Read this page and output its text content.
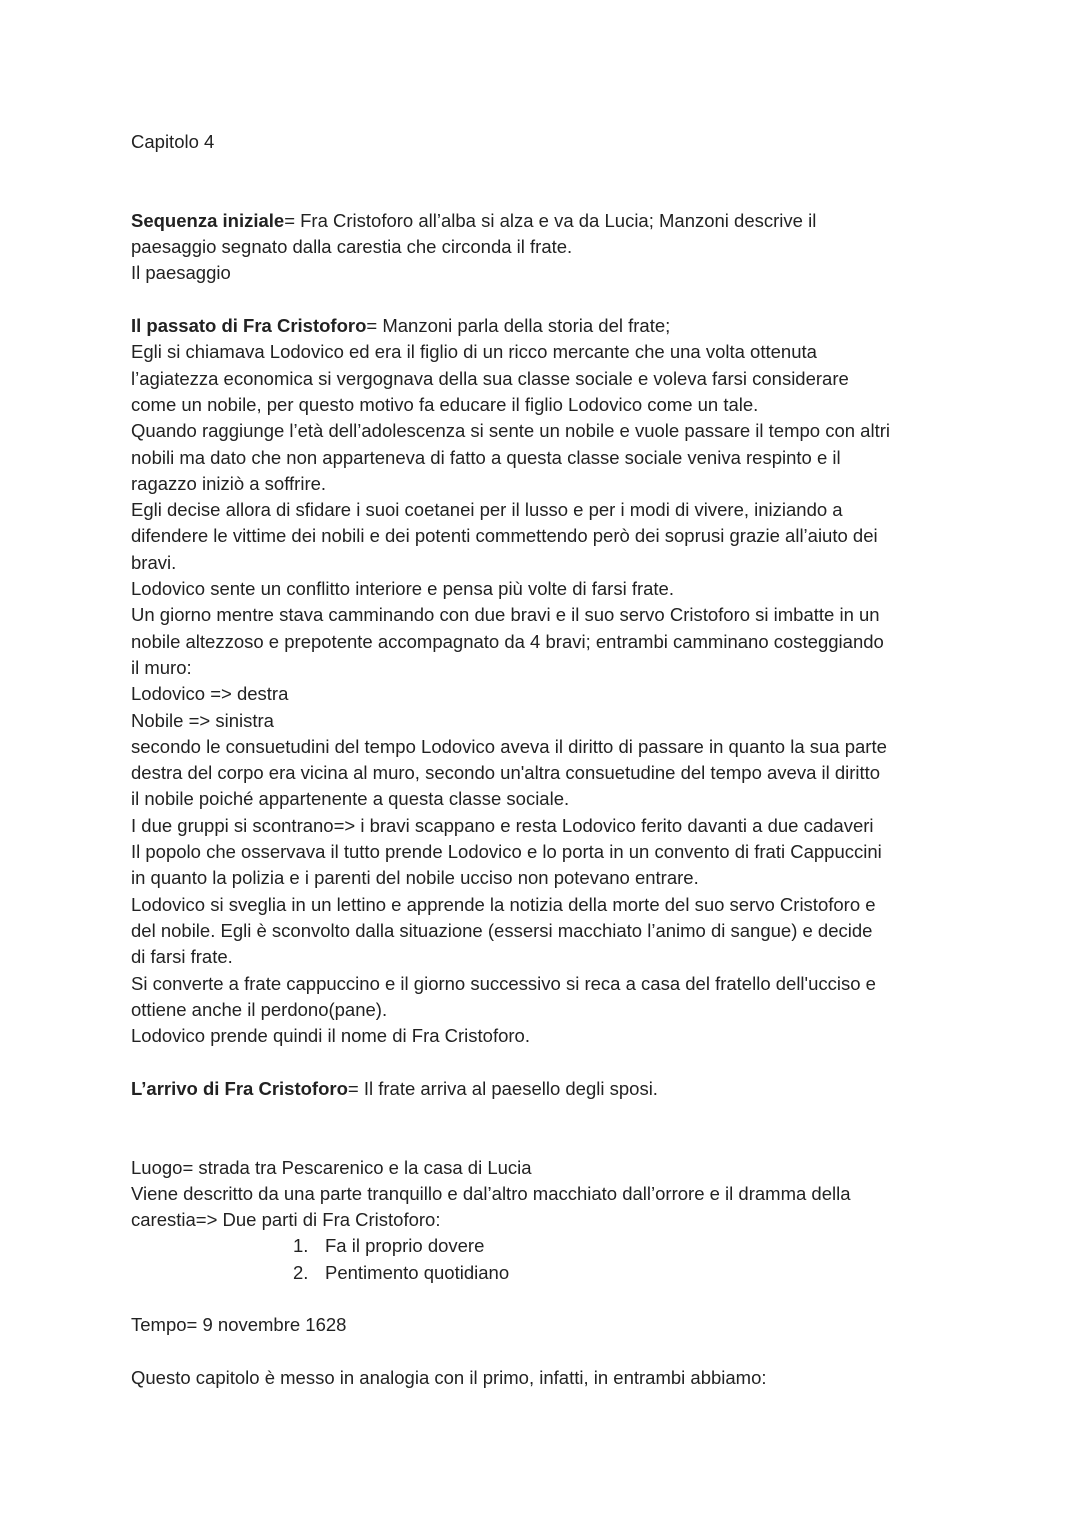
Capitolo 4
Sequenza iniziale= Fra Cristoforo all’alba si alza e va da Lucia; Manzoni descrive il
paesaggio segnato dalla carestia che circonda il frate.
Il paesaggio
Il passato di Fra Cristoforo= Manzoni parla della storia del frate;
Egli si chiamava Lodovico ed era il figlio di un ricco mercante che una volta ottenuta
l’agiatezza economica si vergognava della sua classe sociale e voleva farsi considerare
come un nobile, per questo motivo fa educare il figlio Lodovico come un tale.
Quando raggiunge l’età dell’adolescenza si sente un nobile e vuole passare il tempo con altri
nobili ma dato che non apparteneva di fatto a questa classe sociale veniva respinto e il
ragazzo iniziò a soffrire.
Egli decise allora di sfidare i suoi coetanei per il lusso e per i modi di vivere, iniziando a
difendere le vittime dei nobili e dei potenti commettendo però dei soprusi grazie all’aiuto dei
bravi.
Lodovico sente un conflitto interiore e pensa più volte di farsi frate.
Un giorno mentre stava camminando con due bravi e il suo servo Cristoforo si imbatte in un
nobile altezzoso e prepotente accompagnato da 4 bravi; entrambi camminano costeggiando
il muro:
Lodovico => destra
Nobile => sinistra
secondo le consuetudini del tempo Lodovico aveva il diritto di passare in quanto la sua parte
destra del corpo era vicina al muro, secondo un'altra consuetudine del tempo aveva il diritto
il nobile poiché appartenente a questa classe sociale.
I due gruppi si scontrano=> i bravi scappano e resta Lodovico ferito davanti a due cadaveri
Il popolo che osservava il tutto prende Lodovico e lo porta in un convento di frati Cappuccini
in quanto la polizia e i parenti del nobile ucciso non potevano entrare.
Lodovico si sveglia in un lettino e apprende la notizia della morte del suo servo Cristoforo e
del nobile. Egli è sconvolto dalla situazione (essersi macchiato l’animo di sangue) e decide
di farsi frate.
Si converte a frate cappuccino e il giorno successivo si reca a casa del fratello dell'ucciso e
ottiene anche il perdono(pane).
Lodovico prende quindi il nome di Fra Cristoforo.
L’arrivo di Fra Cristoforo= Il frate arriva al paesello degli sposi.
Luogo= strada tra Pescarenico e la casa di Lucia
Viene descritto da una parte tranquillo e dal’altro macchiato dall’orrore e il dramma della
carestia=> Due parti di Fra Cristoforo:
1. Fa il proprio dovere
2. Pentimento quotidiano
Tempo= 9 novembre 1628
Questo capitolo è messo in analogia con il primo, infatti, in entrambi abbiamo:
